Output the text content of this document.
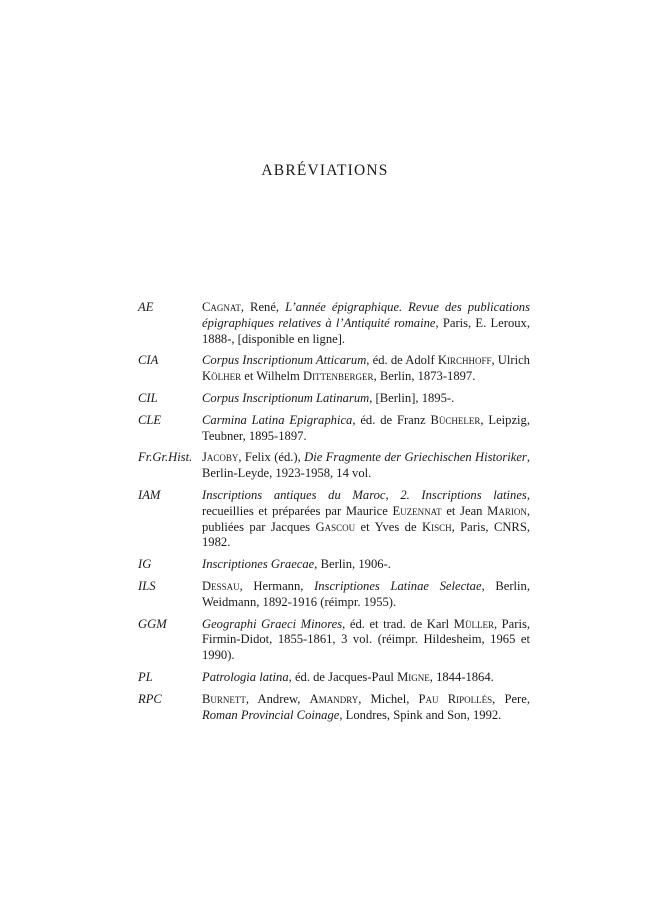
ABRÉVIATIONS
AE	Cagnat, René, L’année épigraphique. Revue des publications épigraphiques relatives à l’Antiquité romaine, Paris, E. Leroux, 1888-, [disponible en ligne].

CIA	Corpus Inscriptionum Atticarum, éd. de Adolf Kirchhoff, Ulrich Kölher et Wilhelm Dittenberger, Berlin, 1873-1897.

CIL	Corpus Inscriptionum Latinarum, [Berlin], 1895-.

CLE	Carmina Latina Epigraphica, éd. de Franz Bücheler, Leipzig, Teubner, 1895-1897.

Fr.Gr.Hist. Jacoby, Felix (éd.), Die Fragmente der Griechischen Historiker, Berlin-Leyde, 1923-1958, 14 vol.

IAM	Inscriptions antiques du Maroc, 2. Inscriptions latines, recueillies et préparées par Maurice Euzennat et Jean Marion, publiées par Jacques Gascou et Yves de Kisch, Paris, CNRS, 1982.

IG	Inscriptiones Graecae, Berlin, 1906-.

ILS	Dessau, Hermann, Inscriptiones Latinae Selectae, Berlin, Weidmann, 1892-1916 (réimpr. 1955).

GGM	Geographi Graeci Minores, éd. et trad. de Karl Müller, Paris, Firmin-Didot, 1855-1861, 3 vol. (réimpr. Hildesheim, 1965 et 1990).

PL	Patrologia latina, éd. de Jacques-Paul Migne, 1844-1864.

RPC	Burnett, Andrew, Amandry, Michel, Pau Ripollés, Pere, Roman Provincial Coinage, Londres, Spink and Son, 1992.
